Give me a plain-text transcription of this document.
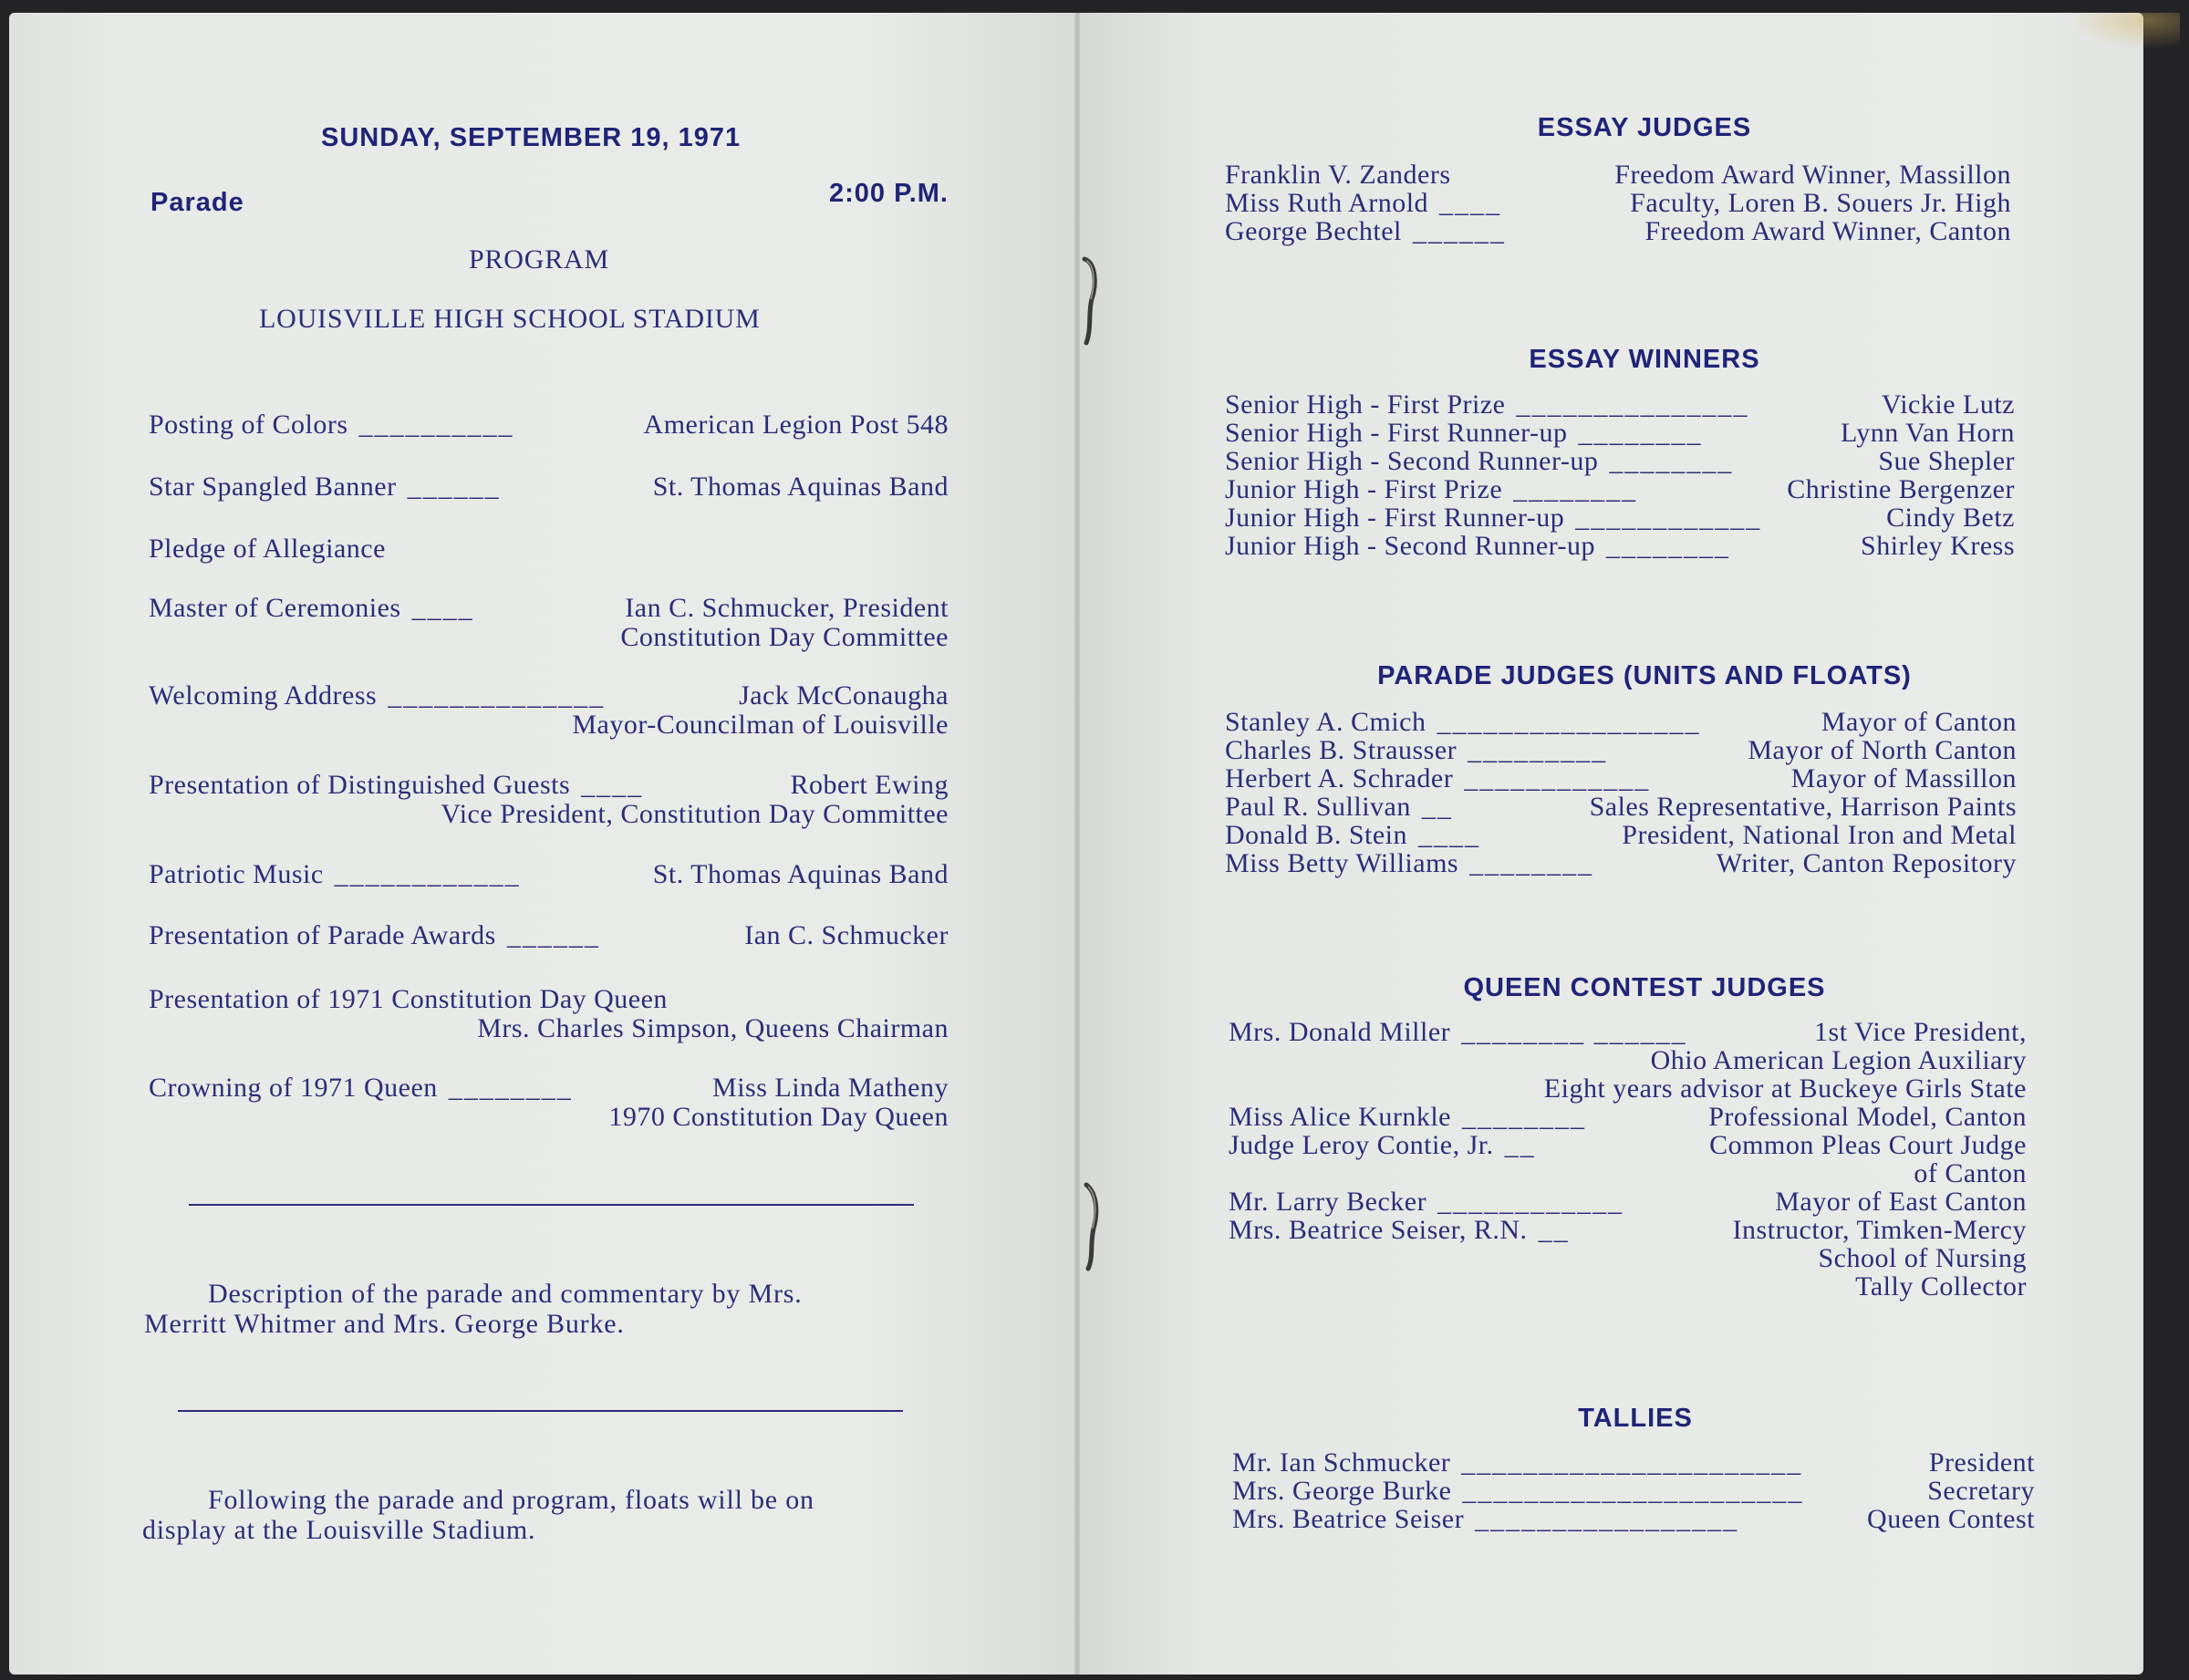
SUNDAY, SEPTEMBER 19, 1971
Parade	2:00 P.M.
PROGRAM
LOUISVILLE HIGH SCHOOL STADIUM
Posting of Colors __________	American Legion Post 548
Star Spangled Banner ______	St. Thomas Aquinas Band
Pledge of Allegiance
Master of Ceremonies ____	Ian C. Schmucker, President
Constitution Day Committee
Welcoming Address ______________	Jack McConaugha
Mayor-Councilman of Louisville
Presentation of Distinguished Guests ____	Robert Ewing
Vice President, Constitution Day Committee
Patriotic Music ____________	St. Thomas Aquinas Band
Presentation of Parade Awards ______	Ian C. Schmucker
Presentation of 1971 Constitution Day Queen
Mrs. Charles Simpson, Queens Chairman
Crowning of 1971 Queen ________	Miss Linda Matheny
1970 Constitution Day Queen
Description of the parade and commentary by Mrs.
Merritt Whitmer and Mrs. George Burke.
Following the parade and program, floats will be on
display at the Louisville Stadium.
ESSAY JUDGES
Franklin V. Zanders	Freedom Award Winner, Massillon
Miss Ruth Arnold ____	Faculty, Loren B. Souers Jr. High
George Bechtel ______	Freedom Award Winner, Canton
ESSAY WINNERS
Senior High - First Prize _______________	Vickie Lutz
Senior High - First Runner-up ________	Lynn Van Horn
Senior High - Second Runner-up ________	Sue Shepler
Junior High - First Prize ________	Christine Bergenzer
Junior High - First Runner-up ____________	Cindy Betz
Junior High - Second Runner-up ________	Shirley Kress
PARADE JUDGES (UNITS AND FLOATS)
Stanley A. Cmich _________________	Mayor of Canton
Charles B. Strausser _________	Mayor of North Canton
Herbert A. Schrader ____________	Mayor of Massillon
Paul R. Sullivan __	Sales Representative, Harrison Paints
Donald B. Stein ____	President, National Iron and Metal
Miss Betty Williams ________	Writer, Canton Repository
QUEEN CONTEST JUDGES
Mrs. Donald Miller ________ ______	1st Vice President,
Ohio American Legion Auxiliary
Eight years advisor at Buckeye Girls State
Miss Alice Kurnkle ________	Professional Model, Canton
Judge Leroy Contie, Jr. __	Common Pleas Court Judge
of Canton
Mr. Larry Becker ____________	Mayor of East Canton
Mrs. Beatrice Seiser, R.N. __	Instructor, Timken-Mercy
School of Nursing
Tally Collector
TALLIES
Mr. Ian Schmucker ______________________	President
Mrs. George Burke ______________________	Secretary
Mrs. Beatrice Seiser _________________	Queen Contest
